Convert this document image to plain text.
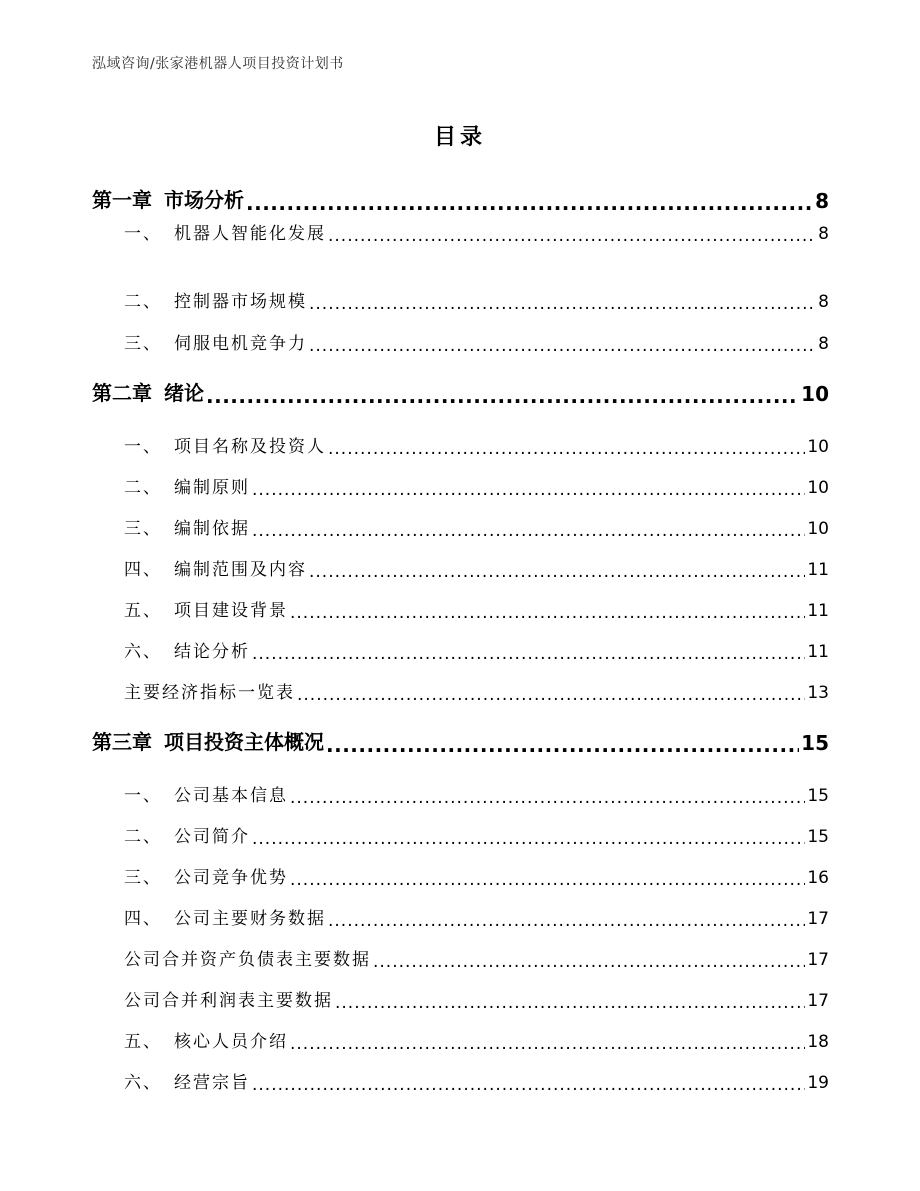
泓域咨询/张家港机器人项目投资计划书
目录
第一章 市场分析 .....	8
一、 机器人智能化发展 .....	8
二、 控制器市场规模 .....	8
三、 伺服电机竞争力 .....	8
第二章 绪论 .....	10
一、 项目名称及投资人 .....	10
二、 编制原则 .....	10
三、 编制依据 .....	10
四、 编制范围及内容 .....	11
五、 项目建设背景 .....	11
六、 结论分析 .....	11
主要经济指标一览表 .....	13
第三章 项目投资主体概况 .....	15
一、 公司基本信息 .....	15
二、 公司简介 .....	15
三、 公司竞争优势 .....	16
四、 公司主要财务数据 .....	17
公司合并资产负债表主要数据 .....	17
公司合并利润表主要数据 .....	17
五、 核心人员介绍 .....	18
六、 经营宗旨 .....	19
